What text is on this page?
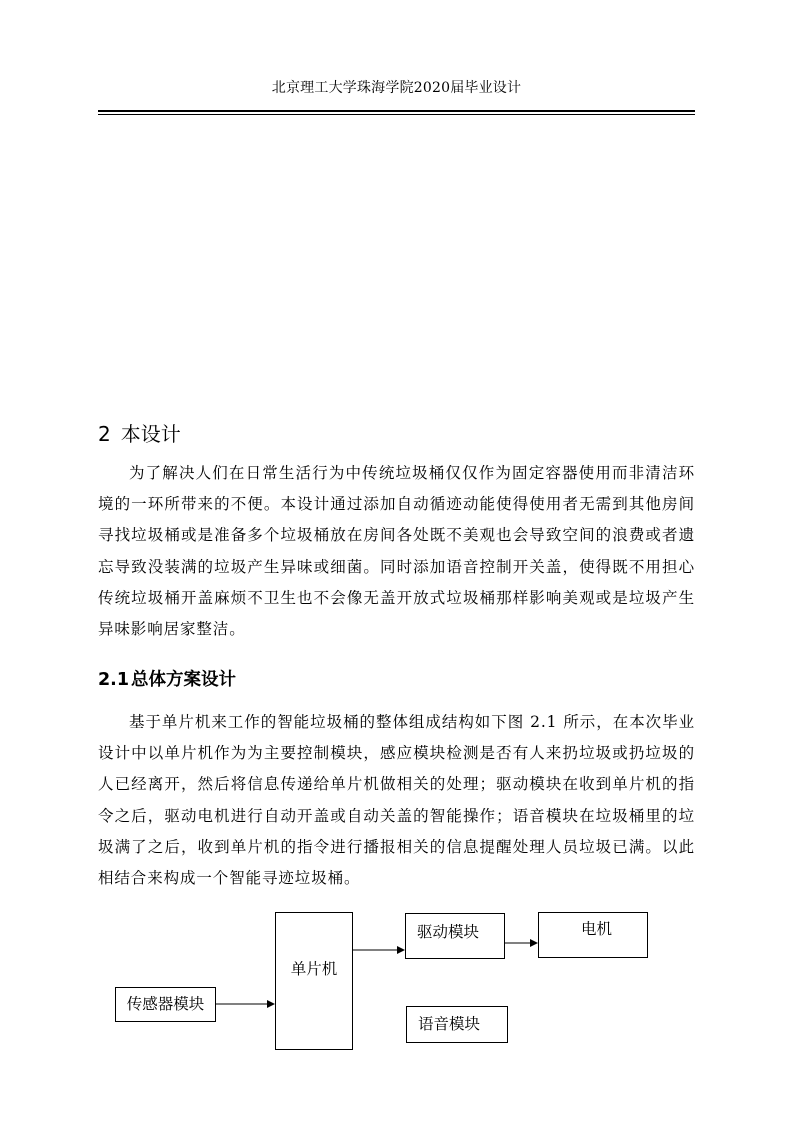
北京理工大学珠海学院2020届毕业设计
2 本设计

为了解决人们在日常生活行为中传统垃圾桶仅仅作为固定容器使用而非清洁环境的一环所带来的不便。本设计通过添加自动循迹动能使得使用者无需到其他房间寻找垃圾桶或是准备多个垃圾桶放在房间各处既不美观也会导致空间的浪费或者遗忘导致没装满的垃圾产生异味或细菌。同时添加语音控制开关盖，使得既不用担心传统垃圾桶开盖麻烦不卫生也不会像无盖开放式垃圾桶那样影响美观或是垃圾产生异味影响居家整洁。

2.1 总体方案设计

基于单片机来工作的智能垃圾桶的整体组成结构如下图 2.1 所示，在本次毕业设计中以单片机作为为主要控制模块，感应模块检测是否有人来扔垃圾或扔垃圾的人已经离开，然后将信息传递给单片机做相关的处理；驱动模块在收到单片机的指令之后，驱动电机进行自动开盖或自动关盖的智能操作；语音模块在垃圾桶里的垃圾满了之后，收到单片机的指令进行播报相关的信息提醒处理人员垃圾已满。以此相结合来构成一个智能寻迹垃圾桶。

传感器模块
单片机
驱动模块	电机
语音模块
